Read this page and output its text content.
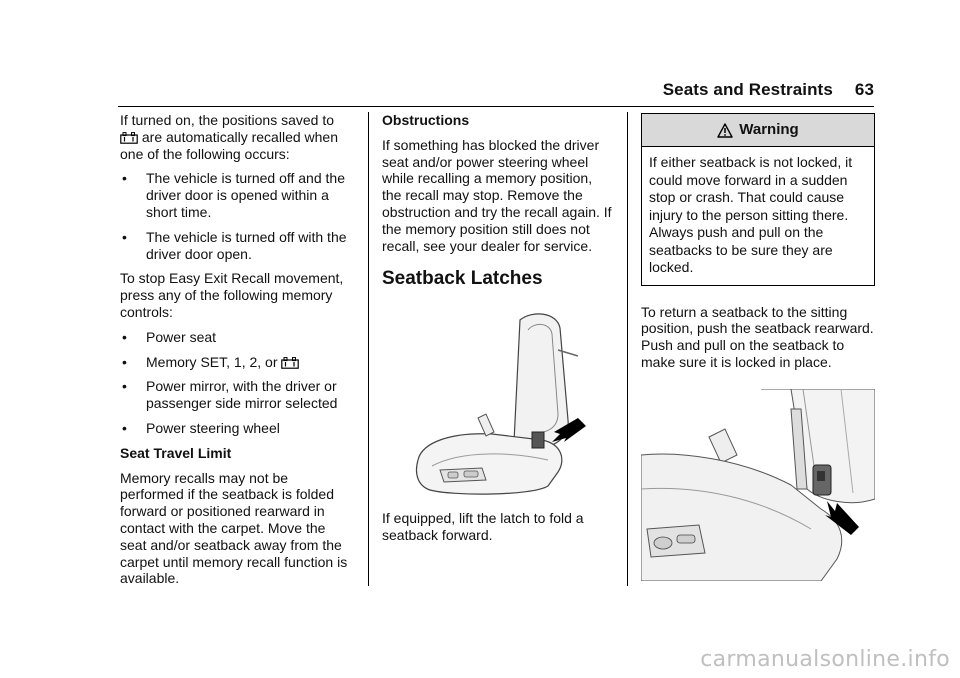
Seats and Restraints 63

If turned on, the positions saved to
are automatically recalled when one of the following occurs:

•	The vehicle is turned off and the driver door is opened within a short time.
•	The vehicle is turned off with the driver door open.

To stop Easy Exit Recall movement, press any of the following memory controls:

•	Power seat
•	Memory SET, 1, 2, or
•	Power mirror, with the driver or passenger side mirror selected
•	Power steering wheel
Seat Travel Limit

Memory recalls may not be performed if the seatback is folded forward or positioned rearward in contact with the carpet. Move the seat and/or seatback away from the carpet until memory recall function is available.

Obstructions

If something has blocked the driver seat and/or power steering wheel while recalling a memory position, the recall may stop. Remove the obstruction and try the recall again. If the memory position still does not recall, see your dealer for service.

Seatback Latches

If equipped, lift the latch to fold a seatback forward.

Warning
If either seatback is not locked, it could move forward in a sudden stop or crash. That could cause injury to the person sitting there. Always push and pull on the seatbacks to be sure they are locked.

To return a seatback to the sitting position, push the seatback rearward. Push and pull on the seatback to make sure it is locked in place.

carmanualsonline.info
